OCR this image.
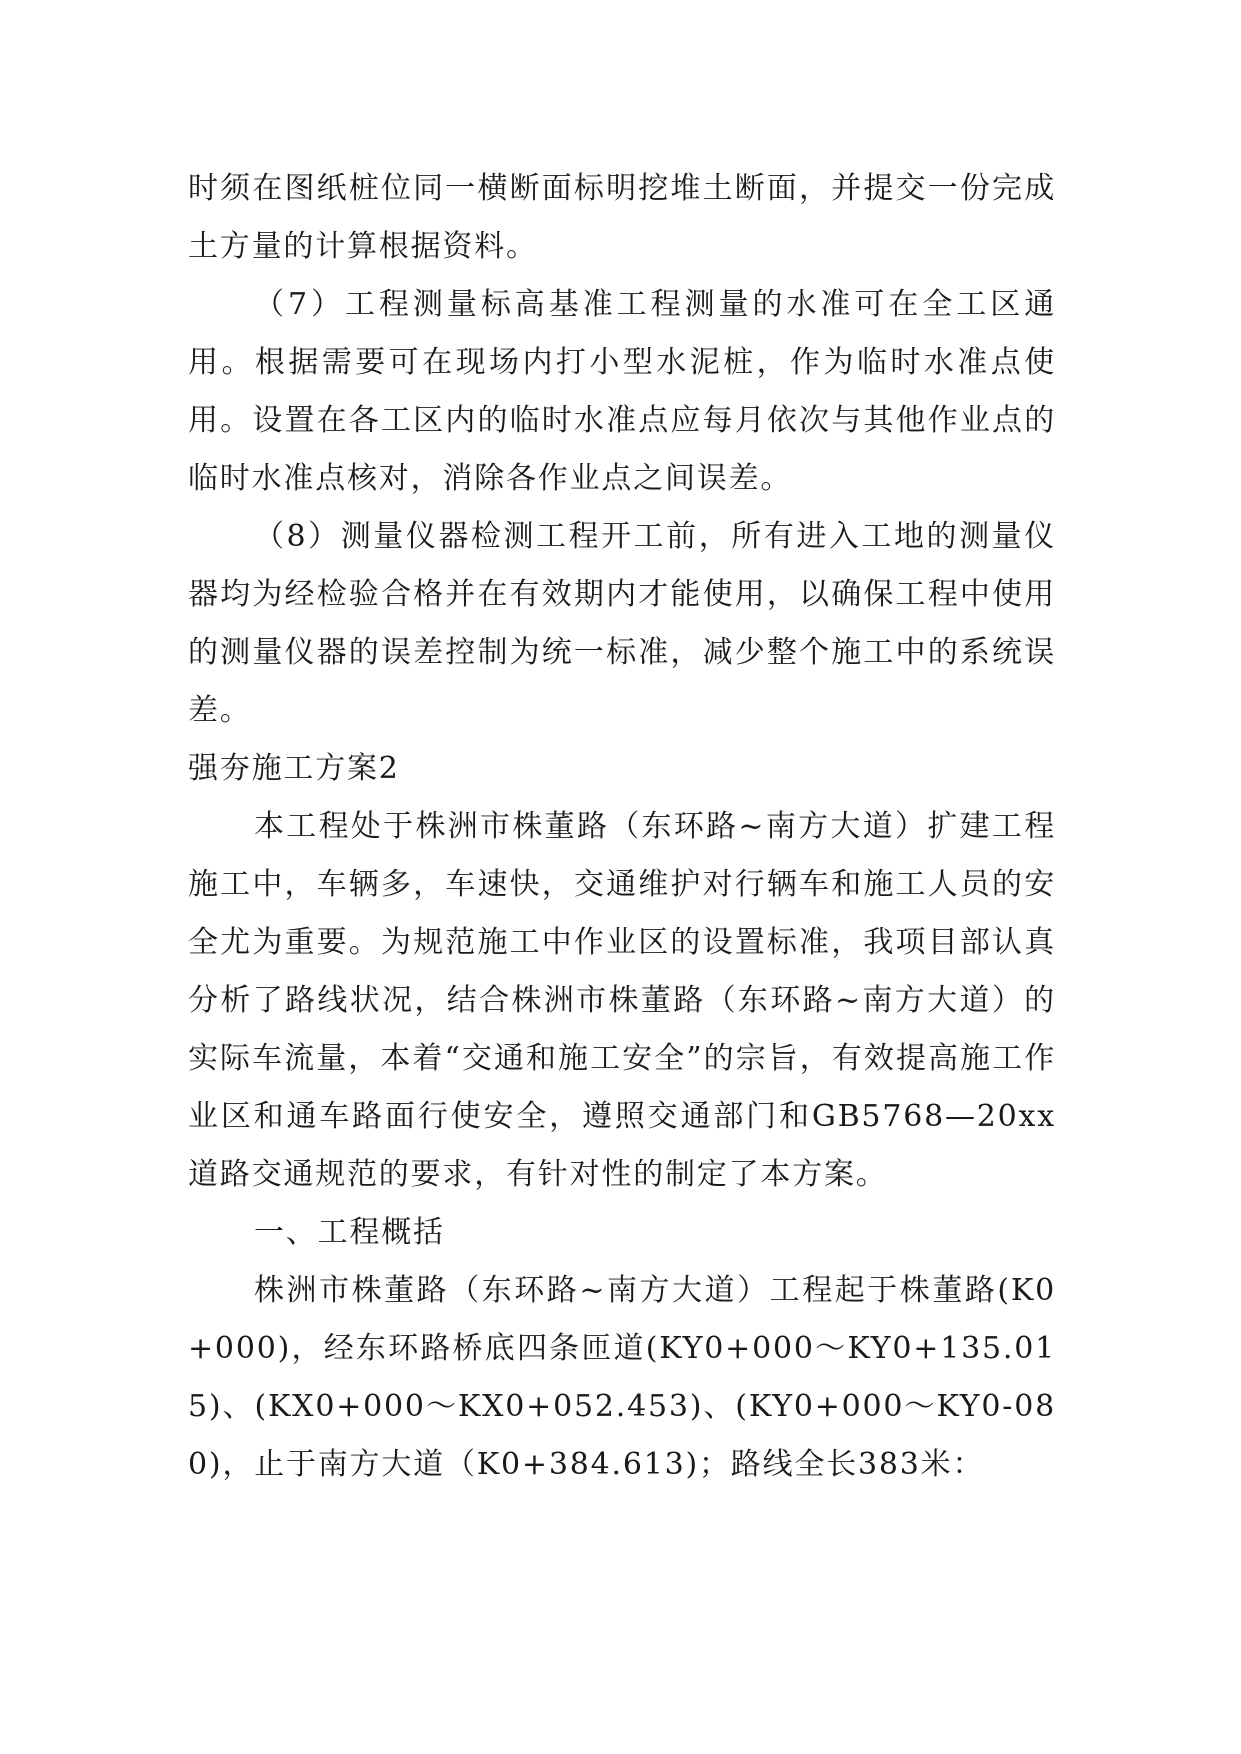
时须在图纸桩位同一横断面标明挖堆土断面，并提交一份完成土方量的计算根据资料。

（7）工程测量标高基准工程测量的水准可在全工区通用。根据需要可在现场内打小型水泥桩，作为临时水准点使用。设置在各工区内的临时水准点应每月依次与其他作业点的临时水准点核对，消除各作业点之间误差。

（8）测量仪器检测工程开工前，所有进入工地的测量仪器均为经检验合格并在有效期内才能使用，以确保工程中使用的测量仪器的误差控制为统一标准，减少整个施工中的系统误差。

强夯施工方案2

本工程处于株洲市株董路（东环路~南方大道）扩建工程施工中，车辆多，车速快，交通维护对行辆车和施工人员的安全尤为重要。为规范施工中作业区的设置标准，我项目部认真分析了路线状况，结合株洲市株董路（东环路~南方大道）的实际车流量，本着“交通和施工安全”的宗旨，有效提高施工作业区和通车路面行使安全，遵照交通部门和GB5768—20xx道路交通规范的要求，有针对性的制定了本方案。

一、工程概括

株洲市株董路（东环路~南方大道）工程起于株董路(K0+000)，经东环路桥底四条匝道(KY0+000～KY0+135.015)、(KX0+000～KX0+052.453)、(KY0+000～KY0-080)，止于南方大道（K0+384.613)；路线全长383米：
